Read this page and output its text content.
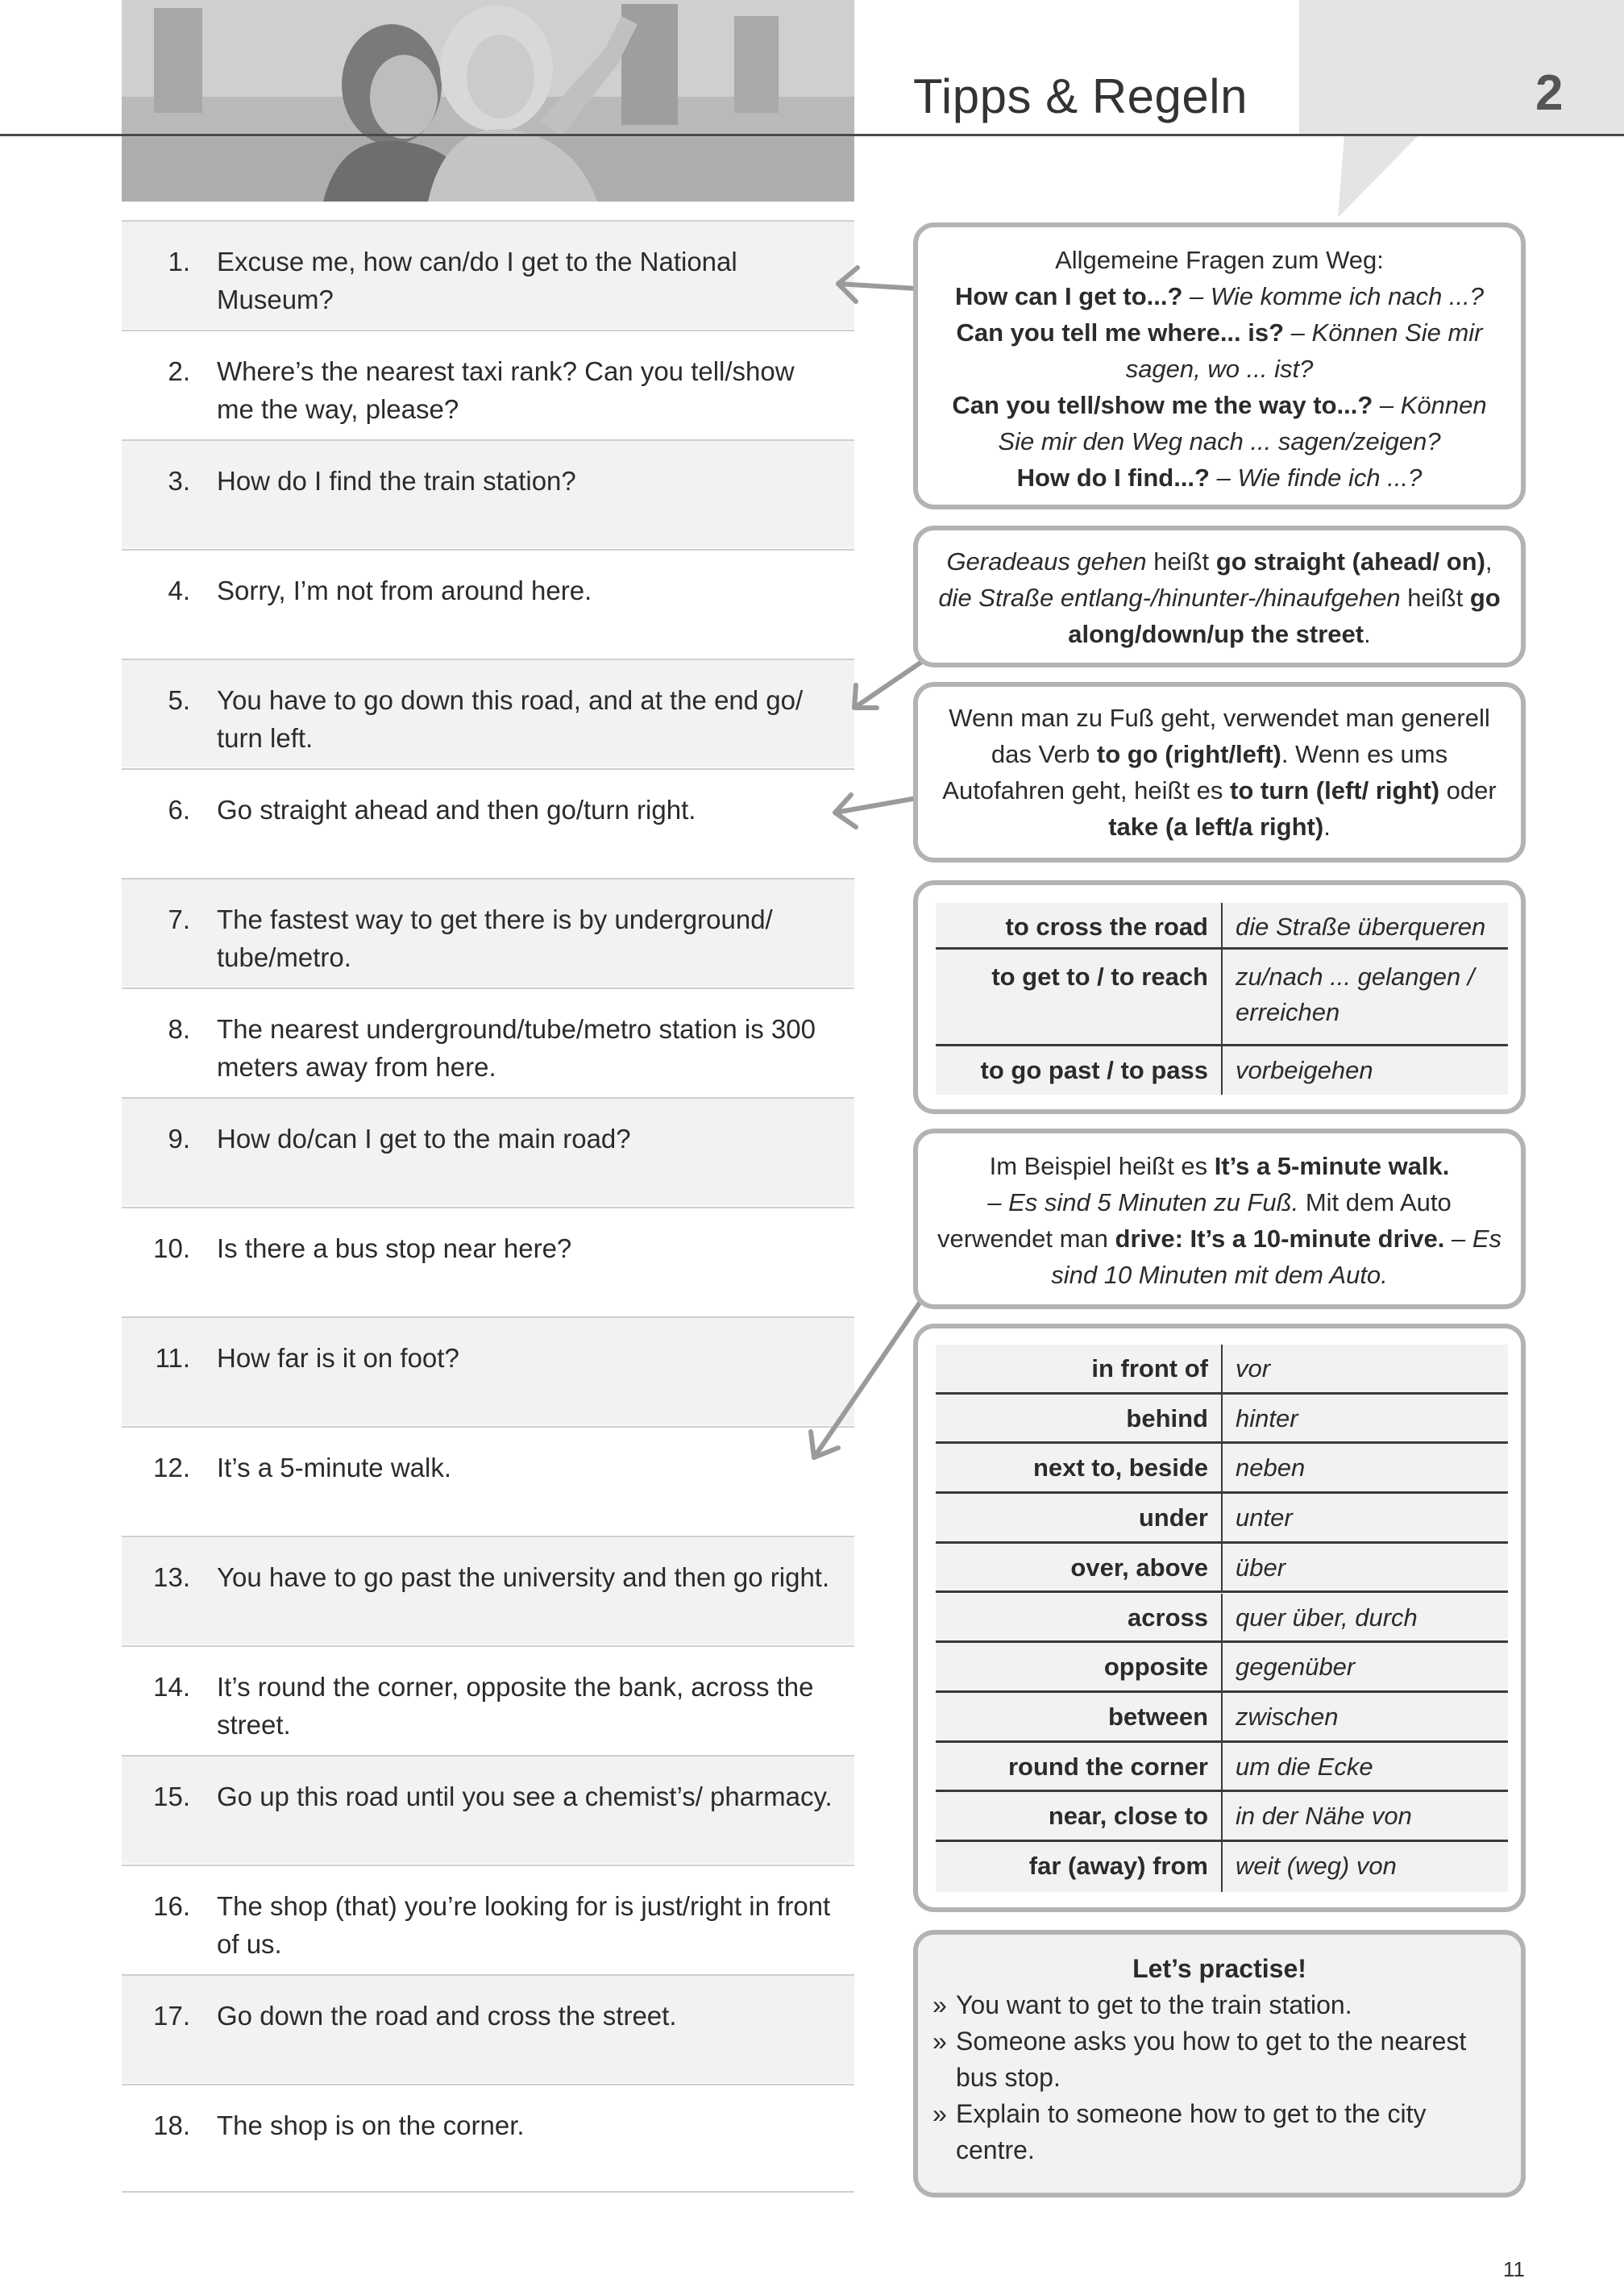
Tipps & Regeln	2
1. Excuse me, how can/do I get to the National Museum?
2. Where’s the nearest taxi rank? Can you tell/show me the way, please?
3. How do I find the train station?
4. Sorry, I’m not from around here.
5. You have to go down this road, and at the end go/ turn left.
6. Go straight ahead and then go/turn right.
7. The fastest way to get there is by underground/ tube/metro.
8. The nearest underground/tube/metro station is 300 meters away from here.
9. How do/can I get to the main road?
10. Is there a bus stop near here?
11. How far is it on foot?
12. It’s a 5-minute walk.
13. You have to go past the university and then go right.
14. It’s round the corner, opposite the bank, across the street.
15. Go up this road until you see a chemist’s/ pharmacy.
16. The shop (that) you’re looking for is just/right in front of us.
17. Go down the road and cross the street.
18. The shop is on the corner.
Allgemeine Fragen zum Weg:
How can I get to...? – Wie komme ich nach ...?
Can you tell me where... is? – Können Sie mir sagen, wo ... ist?
Can you tell/show me the way to...? – Können Sie mir den Weg nach ... sagen/zeigen?
How do I find...? – Wie finde ich ...?
Geradeaus gehen heißt go straight (ahead/ on), die Straße entlang-/hinunter-/hinaufgehen heißt go along/down/up the street.
Wenn man zu Fuß geht, verwendet man generell das Verb to go (right/left). Wenn es ums Autofahren geht, heißt es to turn (left/ right) oder take (a left/a right).
to cross the road die Straße überqueren
to get to / to reach zu/nach ... gelangen / erreichen
to go past / to pass vorbeigehen
Im Beispiel heißt es It’s a 5-minute walk.
– Es sind 5 Minuten zu Fuß. Mit dem Auto verwendet man drive: It’s a 10-minute drive. – Es sind 10 Minuten mit dem Auto.
in front of vor
behind hinter
next to, beside neben
under unter
over, above über
across quer über, durch
opposite gegenüber
between zwischen
round the corner um die Ecke
near, close to in der Nähe von
far (away) from weit (weg) von
Let’s practise!
» You want to get to the train station.
» Someone asks you how to get to the nearest bus stop.
» Explain to someone how to get to the city centre.
11
